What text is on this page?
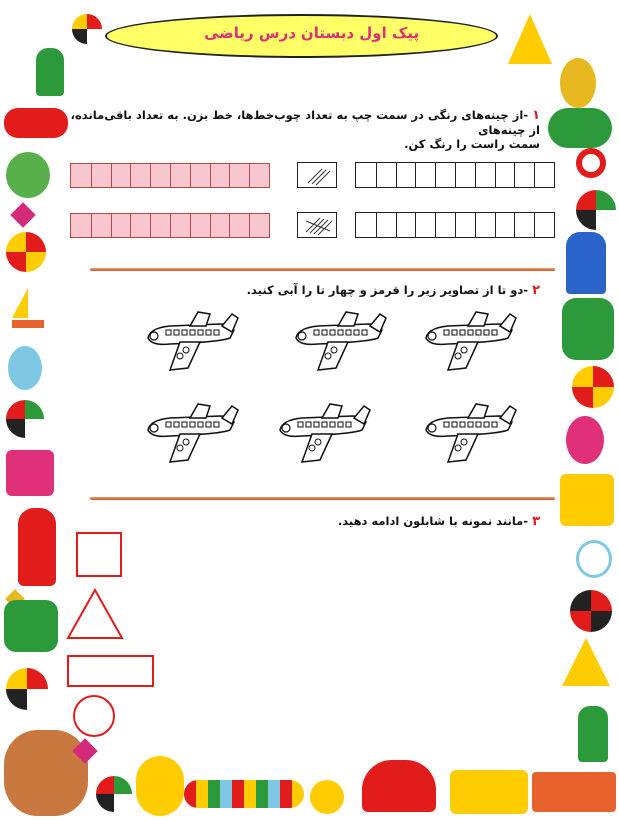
پیک اول دبستان
درس ریاضی
۱-از چینه‌های رنگی در سمت چپ به تعداد چوب‌خط‌ها، خط بزن. به تعداد باقی‌مانده، از چینه‌های
سمت راست را رنگ کن.
۲-دو تا از تصاویر زیر را قرمز و چهار تا را آبی کنید.
۳-مانند نمونه با شابلون ادامه دهید.
